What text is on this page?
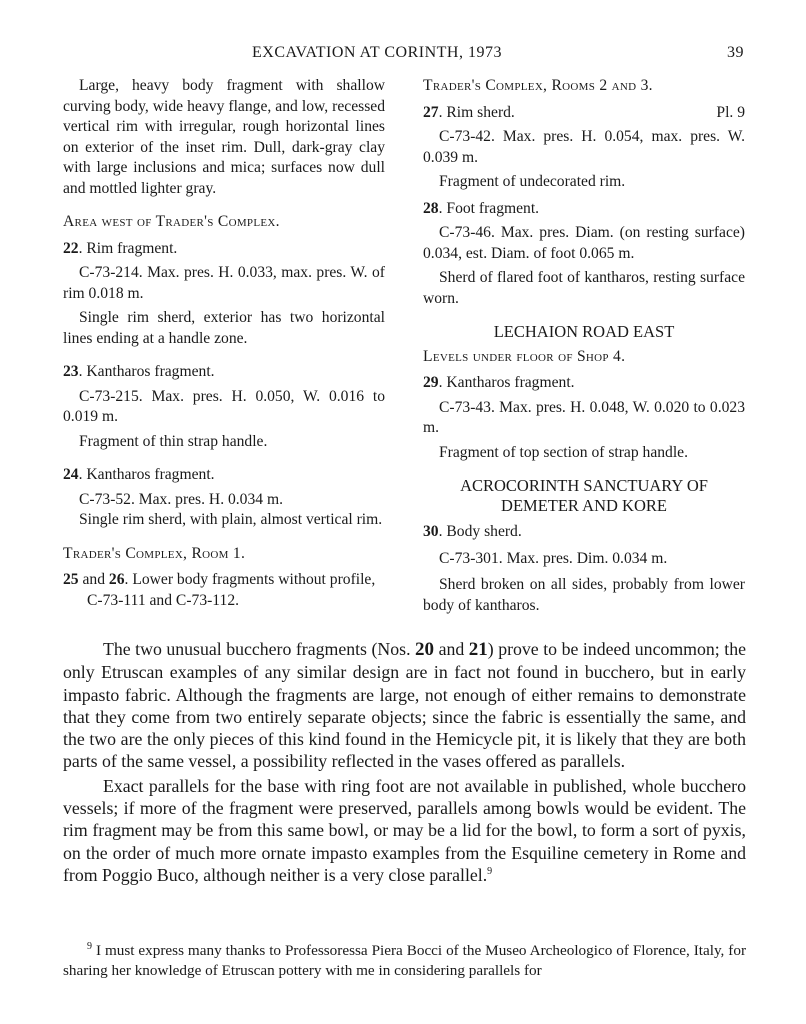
EXCAVATION AT CORINTH, 1973	39

Large, heavy body fragment with shallow curving body, wide heavy flange, and low, recessed vertical rim with irregular, rough horizontal lines on exterior of the inset rim. Dull, dark-gray clay with large inclusions and mica; surfaces now dull and mottled lighter gray.

Area west of Trader's Complex.

22. Rim fragment.

C-73-214. Max. pres. H. 0.033, max. pres. W. of rim 0.018 m.

Single rim sherd, exterior has two horizontal lines ending at a handle zone.

23. Kantharos fragment.

C-73-215. Max. pres. H. 0.050, W. 0.016 to 0.019 m.

Fragment of thin strap handle.

24. Kantharos fragment.

C-73-52. Max. pres. H. 0.034 m.

Single rim sherd, with plain, almost vertical rim.

Trader's Complex, Room 1.

25 and 26. Lower body fragments without profile, C-73-111 and C-73-112.

Trader's Complex, Rooms 2 and 3.

27. Rim sherd.	Pl. 9

C-73-42. Max. pres. H. 0.054, max. pres. W. 0.039 m.

Fragment of undecorated rim.

28. Foot fragment.

C-73-46. Max. pres. Diam. (on resting surface) 0.034, est. Diam. of foot 0.065 m.

Sherd of flared foot of kantharos, resting surface worn.

LECHAION ROAD EAST

Levels under floor of Shop 4.

29. Kantharos fragment.

C-73-43. Max. pres. H. 0.048, W. 0.020 to 0.023 m.

Fragment of top section of strap handle.

ACROCORINTH SANCTUARY OF

DEMETER AND KORE

30. Body sherd.

C-73-301. Max. pres. Dim. 0.034 m.

Sherd broken on all sides, probably from lower body of kantharos.

The two unusual bucchero fragments (Nos. 20 and 21) prove to be indeed uncommon; the only Etruscan examples of any similar design are in fact not found in bucchero, but in early impasto fabric. Although the fragments are large, not enough of either remains to demonstrate that they come from two entirely separate objects; since the fabric is essentially the same, and the two are the only pieces of this kind found in the Hemicycle pit, it is likely that they are both parts of the same vessel, a possibility reflected in the vases offered as parallels.

Exact parallels for the base with ring foot are not available in published, whole bucchero vessels; if more of the fragment were preserved, parallels among bowls would be evident. The rim fragment may be from this same bowl, or may be a lid for the bowl, to form a sort of pyxis, on the order of much more ornate impasto examples from the Esquiline cemetery in Rome and from Poggio Buco, although neither is a very close parallel.$^9$

$^9$ I must express many thanks to Professoressa Piera Bocci of the Museo Archeologico of Florence, Italy, for sharing her knowledge of Etruscan pottery with me in considering parallels for
